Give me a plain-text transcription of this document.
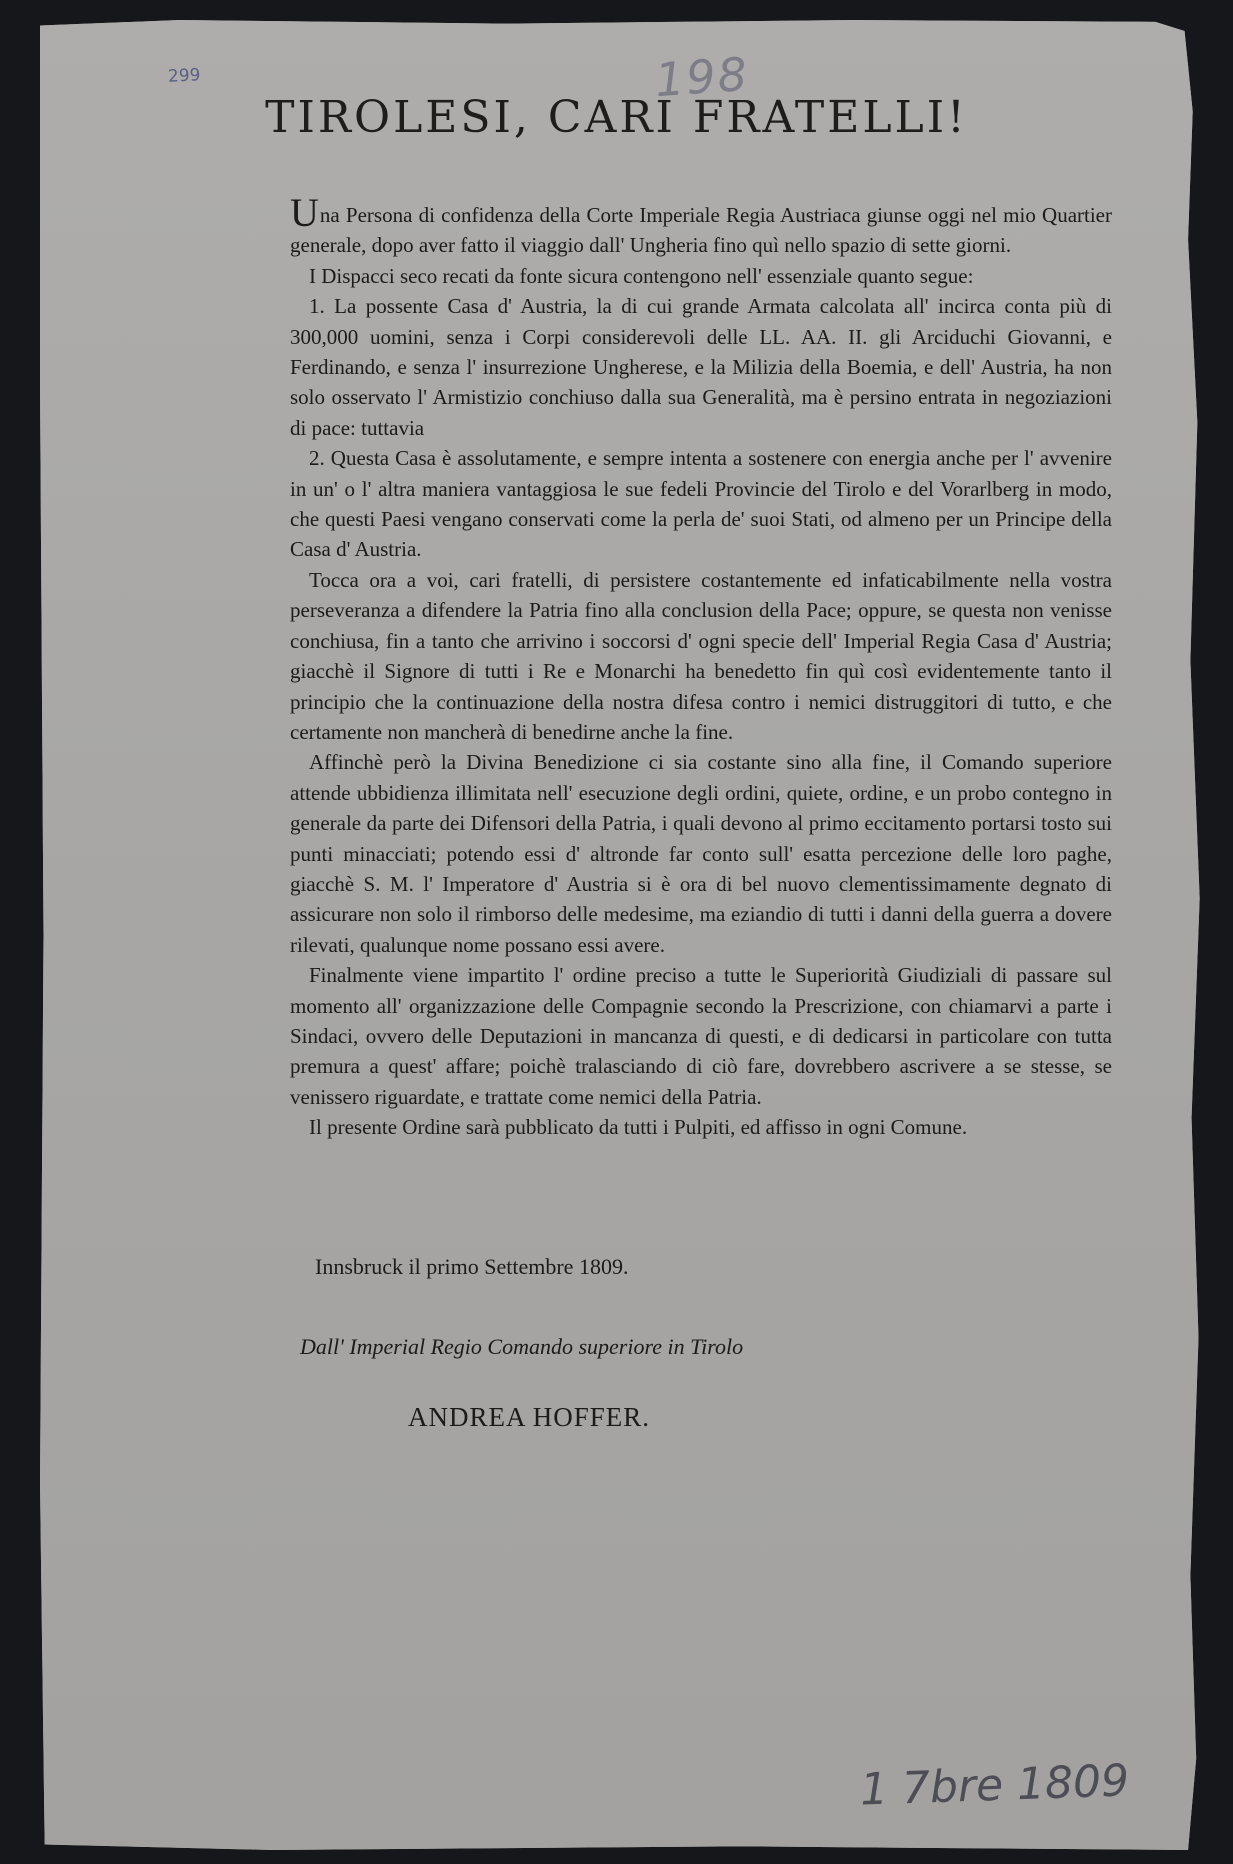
299	198
TIROLESI, CARI FRATELLI!

Una Persona di confidenza della Corte Imperiale Regia Austriaca giunse oggi nel mio Quartier generale, dopo aver fatto il viaggio dall' Ungheria fino quì nello spazio di sette giorni.

I Dispacci seco recati da fonte sicura contengono nell' essenziale quanto segue:

1. La possente Casa d' Austria, la di cui grande Armata calcolata all' incirca conta più di 300,000 uomini, senza i Corpi considerevoli delle LL. AA. II. gli Arciduchi Giovanni, e Ferdinando, e senza l' insurrezione Ungherese, e la Milizia della Boemia, e dell' Austria, ha non solo osservato l' Armistizio conchiuso dalla sua Generalità, ma è persino entrata in negoziazioni di pace: tuttavia

2. Questa Casa è assolutamente, e sempre intenta a sostenere con energia anche per l' avvenire in un' o l' altra maniera vantaggiosa le sue fedeli Provincie del Tirolo e del Vorarlberg in modo, che questi Paesi vengano conservati come la perla de' suoi Stati, od almeno per un Principe della Casa d' Austria.

Tocca ora a voi, cari fratelli, di persistere costantemente ed infaticabilmente nella vostra perseveranza a difendere la Patria fino alla conclusion della Pace; oppure, se questa non venisse conchiusa, fin a tanto che arrivino i soccorsi d' ogni specie dell' Imperial Regia Casa d' Austria; giacchè il Signore di tutti i Re e Monarchi ha benedetto fin quì così evidentemente tanto il principio che la continuazione della nostra difesa contro i nemici distruggitori di tutto, e che certamente non mancherà di benedirne anche la fine.

Affinchè però la Divina Benedizione ci sia costante sino alla fine, il Comando superiore attende ubbidienza illimitata nell' esecuzione degli ordini, quiete, ordine, e un probo contegno in generale da parte dei Difensori della Patria, i quali devono al primo eccitamento portarsi tosto sui punti minacciati; potendo essi d' altronde far conto sull' esatta percezione delle loro paghe, giacchè S. M. l' Imperatore d' Austria si è ora di bel nuovo clementissimamente degnato di assicurare non solo il rimborso delle medesime, ma eziandio di tutti i danni della guerra a dovere rilevati, qualunque nome possano essi avere.

Finalmente viene impartito l' ordine preciso a tutte le Superiorità Giudiziali di passare sul momento all' organizzazione delle Compagnie secondo la Prescrizione, con chiamarvi a parte i Sindaci, ovvero delle Deputazioni in mancanza di questi, e di dedicarsi in particolare con tutta premura a quest' affare; poichè tralasciando di ciò fare, dovrebbero ascrivere a se stesse, se venissero riguardate, e trattate come nemici della Patria.

Il presente Ordine sarà pubblicato da tutti i Pulpiti, ed affisso in ogni Comune.

Innsbruck il primo Settembre 1809.

Dall' Imperial Regio Comando superiore in Tirolo

ANDREA HOFFER.

1 7bre 1809
